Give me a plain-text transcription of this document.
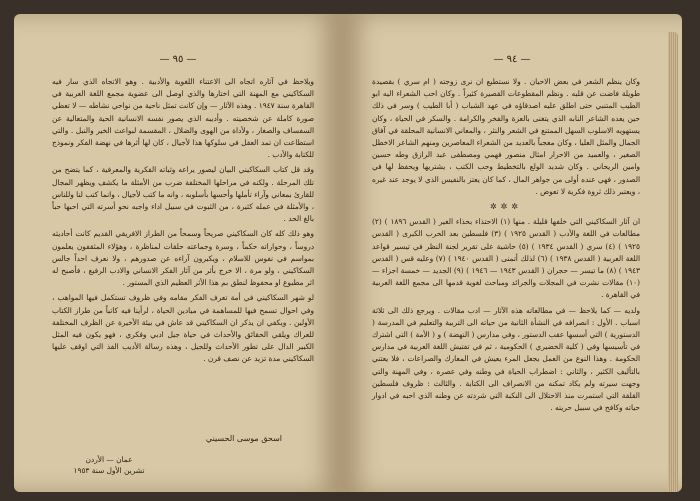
— ٩٥ —

ويلاحظ في آثاره اتجاه الى الاعتناء اللغوية والأدبية . وهو الاتجاه الذي سار فيه السكاكيني مع المهنة التي اختارها والذي اوصل الى عضوية مجمع اللغة العربية في القاهرة سنة ١٩٤٧ . وهذه الآثار — وإن كانت تمثل ناحية من نواحي نشاطه — لا تعطي صورة كاملة عن شخصيته . وأديبه الذي يصور نفسه الانسانية الحية والمتعالية عن السفساف والصغار ، ولأداة من الهوى والضلال ، المقسمة لبواعث الخير والنبل . والتي استطاعت ان تمد العقل في سلوكها هذا لأجيال ، كان لها أثرها في نهضة الفكر ونموذج للكتابة والأدب .

وقد قل كتاب السكاكيني البيان ليصور يراعه وثباته الفكرية والمعرفية ، كما يتضح من تلك المرحلة . ولكنه في مراحلها المختلفة ضرب من الأمثلة ما يكشف ويظهر المجال للقارئ بمعاني وآراء تأملها وأحسها بأسلوبه ، وانه ما كتب لأجيال ، وانما كتب لنا وللناس ، والأمثلة في عمله كثيرة ، من الثبوت في سبيل اداء واجبه نحو أسرته التي احبها حباً بالغ الحد .

وهو ذلك كله كان السكاكيني صريحاً وسمحاً من الطراز الافريقي القديم كانت أحاديثه دروساً ، وحواراته حكماً ، وسرة وجماعته حلقات لمناظرة ، وهؤلاء المثقفون يعلمون بمواسم في نفوس للاسلام ، ويكبرون آراءه عن صدورهم ، ولا نعرف احداً جالس السكاكيني ، ولو مرة ، الا خرج بأثر من آثار الفكر الانساني والادب الرفيع ، فأصبح له اثر مطبوع او محفوظ لنطق بم هذا الأثر العظيم الذي المستور .

لو شهر السكاكيني في أمة تعرف الفكر مقامه وفي ظروف تستكمل فيها المواهب ، وفي احوال تسمح فيها للمساهمة في ميادين الحياة ، لرأينا فيه كاتباً من طراز الكتاب الأولين . ويكفي ان يذكر ان السكاكيني قد عاش في بيئة الأخيرة عن الظرف المختلفة للعراك ويلقي الحقائق والأحداث في حياة جيل ادبي وفكري ، فهو يكون فيه المثل الكبير الدال على تطور الأحداث وللجيل ، وهذه رسالة الأديب الفذ التي اوقف عليها السكاكيني مدة تزيد عن نصف قرن .

اسحق موسى الحسيني
عمان — الأردن
تشرين الأول سنة ١٩٥٣
— ٩٤ —

وكان ينظم الشعر في بعض الاحيان . ولا نستطيع ان نرى زوجته ( ام سري ) بقصيدة طويلة فاضت عن قلبه . ونظم المقطوعات القصيرة كثيراً . وكان احب الشعراء اليه ابو الطيب المتنبي حتى اطلق عليه اصدقاؤه في عهد الشباب ( أبا الطيب ) وسر في ذلك حين يعده الشاعر النابه الذي يتغنى بالعزة والفخر والكرامة . والسكر في الحياة ، وكان يستهويه الاسلوب السهل الممتنع في الشعر والنثر ، والمعاني الانسانية المحلقة في آفاق الجمال والمثل العليا ، وكان معجباً بالعديد من الشعراء المعاصرين ومنهم الشاعر الاخطل الصغير ، والعميد من الاحرار امثال منصور فهمي ومصطفى عبد الرازق وطه حسين وامين الريحاني . وكان شديد الولع بالتخطيط وحب الكتب ، يشتريها ويحفظ لها في الصدور ، فهي عنده أولى من جواهر المال ، كما كان يعتز بالنفيس الذي لا يوجد عند غيره ، ويعتبر ذلك ثروة فكرية لا تعوض .

✲✲✲

ان آثار السكاكيني التي خلفها قليلة . منها (١) الاحتذاء بحذاء الغير ( القدس ١٨٩٦ ) (٢) مطالعات في اللغة والأدب ( القدس ١٩٢٥ ) (٣) فلسطين بعد الحرب الكبرى ( القدس ١٩٢٥ ) (٤) سري ( القدس ١٩٣٤ ) (٥) حاشية على تقرير لجنة النظر في تيسير قواعد اللغة العربية ( القدس ١٩٣٨ ) (٦) لذلك أتمنى ( القدس ١٩٤٠ ) (٧) وعليه قس ( القدس ١٩٤٣ ) (٨) ما تيسر — حجران ( القدس ١٩٤٣ — ١٩٤٦ ) (٩) الجديد — خمسة اجزاء — (١٠) مقالات نشرت في المجلات والجرائد ومباحث لغوية قدمها الى مجمع اللغة العربية في القاهرة .

ولديه — كما يلاحظ — في مطالعاته هذه الآثار — ادب مقالات . ويرجع ذلك الى ثلاثة اسباب . الأول : انصرافه في النشأة الثانية من حياته الى التربية والتعليم في المدرسة ( الدستورية ) التي أسسها عقب الدستور ، وفي مدارس ( النهضة ) و ( الأمة ) التي اشترك في تأسيسها وفي ( كلية الخضيري ) الحكومية ، ثم في تفتيش اللغة العربية في مدارس الحكومة . وهذا النوع من العمل يجعل المرء يعيش في المعارك والصراعات ، فلا يعتني بالتأليف الكثير ، والثاني : اضطراب الحياة في وطنه وفي عصره ، وفي المهنة والتي وجهت سيرته ولم يكاد تمكنه من الانصراف الى الكتابة . والثالث : ظروف فلسطين القلقة التي استمرت منذ الاحتلال الى النكبة التي شردته عن وطنه الذي احبه في ادوار حياته وكافح في سبيل حريته .
